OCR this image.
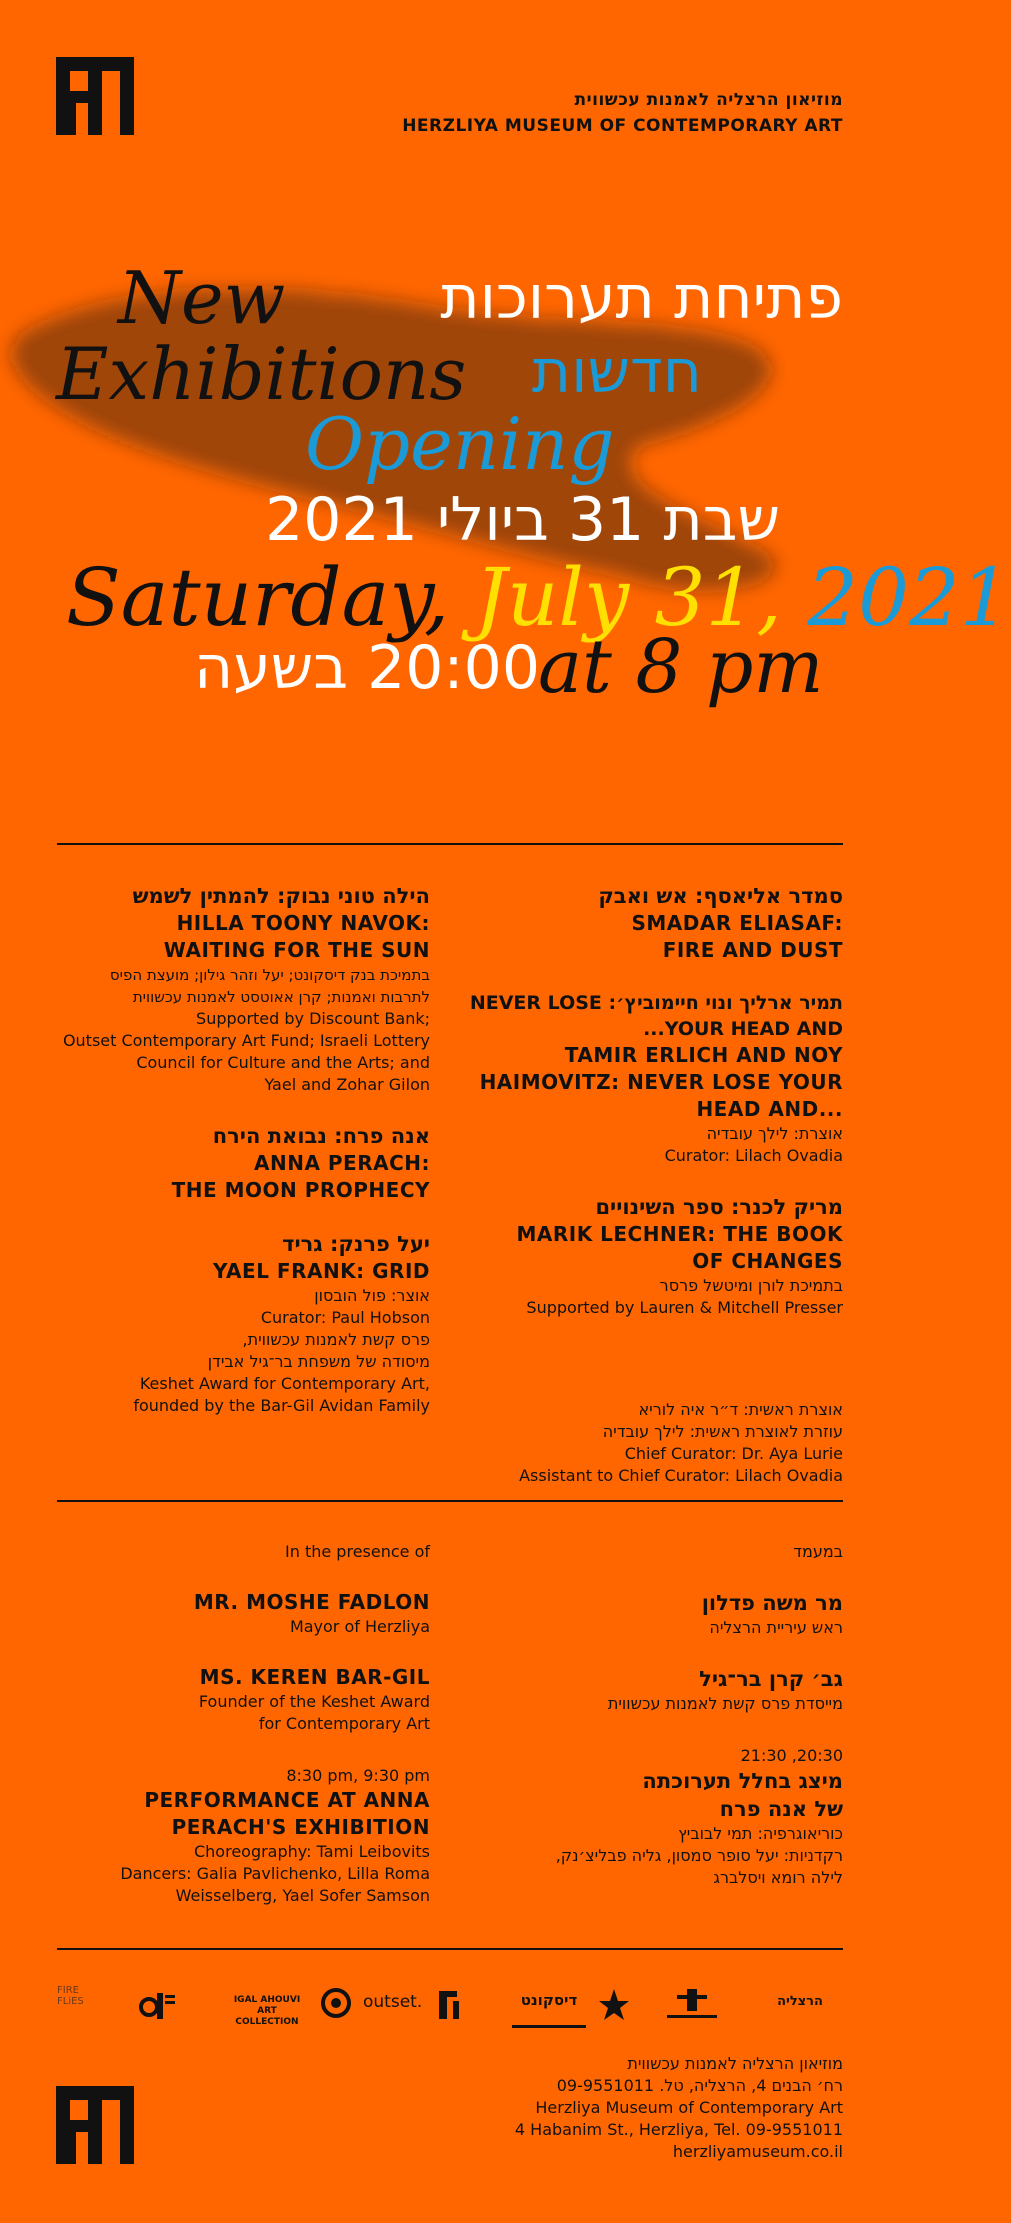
מוזיאון הרצליה לאמנות עכשווית
HERZLIYA MUSEUM OF CONTEMPORARY ART
פתיחת תערוכות
New
Exhibitions חדשות
Opening
שבת 31 ביולי 2021
Saturday, July 31, 2021
20:00 בשעה
at 8 pm
סמדר אליאסף: אש ואבק
SMADAR ELIASAF:
FIRE AND DUST
תמיר ארליך ונוי חיימוביץ׳: NEVER LOSE YOUR HEAD AND...
TAMIR ERLICH AND NOY
HAIMOVITZ: NEVER LOSE YOUR
HEAD AND...
אוצרת: לילך עובדיה
Curator: Lilach Ovadia
מריק לכנר: ספר השינויים
MARIK LECHNER: THE BOOK
OF CHANGES
בתמיכת לורן ומיטשל פרסר
Supported by Lauren & Mitchell Presser
אוצרת ראשית: ד״ר איה לוריא
עוזרת לאוצרת ראשית: לילך עובדיה
Chief Curator: Dr. Aya Lurie
Assistant to Chief Curator: Lilach Ovadia
הילה טוני נבוק: להמתין לשמש
HILLA TOONY NAVOK:
WAITING FOR THE SUN
בתמיכת בנק דיסקונט; יעל וזהר גילון; מועצת הפיס
לתרבות ואמנות; קרן אאוטסט לאמנות עכשווית
Supported by Discount Bank;
Outset Contemporary Art Fund; Israeli Lottery
Council for Culture and the Arts; and
Yael and Zohar Gilon
אנה פרח: נבואת הירח
ANNA PERACH:
THE MOON PROPHECY
יעל פרנק: גריד
YAEL FRANK: GRID
אוצר: פול הובסון
Curator: Paul Hobson
פרס קשת לאמנות עכשווית,
מיסודה של משפחת בר־גיל אבידן
Keshet Award for Contemporary Art,
founded by the Bar-Gil Avidan Family
במעמד
מר משה פדלון
ראש עיריית הרצליה
גב׳ קרן בר־גיל
מייסדת פרס קשת לאמנות עכשווית
21:30 ,20:30
מיצג בחלל תערוכתה
של אנה פרח
כוריאוגרפיה: תמי לבוביץ
רקדניות: יעל סופר סמסון, גליה פבליצ׳נק,
לילה רומא ויסלברג
In the presence of
MR. MOSHE FADLON
Mayor of Herzliya
MS. KEREN BAR-GIL
Founder of the Keshet Award
for Contemporary Art
8:30 pm, 9:30 pm
PERFORMANCE AT ANNA
PERACH'S EXHIBITION
Choreography: Tami Leibovits
Dancers: Galia Pavlichenko, Lilla Roma
Weisselberg, Yael Sofer Samson
FIRE FLiES	IGAL AHOUVI ART COLLECTION
outset.	דיסקונט	הרצליה
מוזיאון הרצליה לאמנות עכשווית
רח׳ הבנים 4, הרצליה, טל. 09-9551011
Herzliya Museum of Contemporary Art
4 Habanim St., Herzliya, Tel. 09-9551011
herzliyamuseum.co.il
